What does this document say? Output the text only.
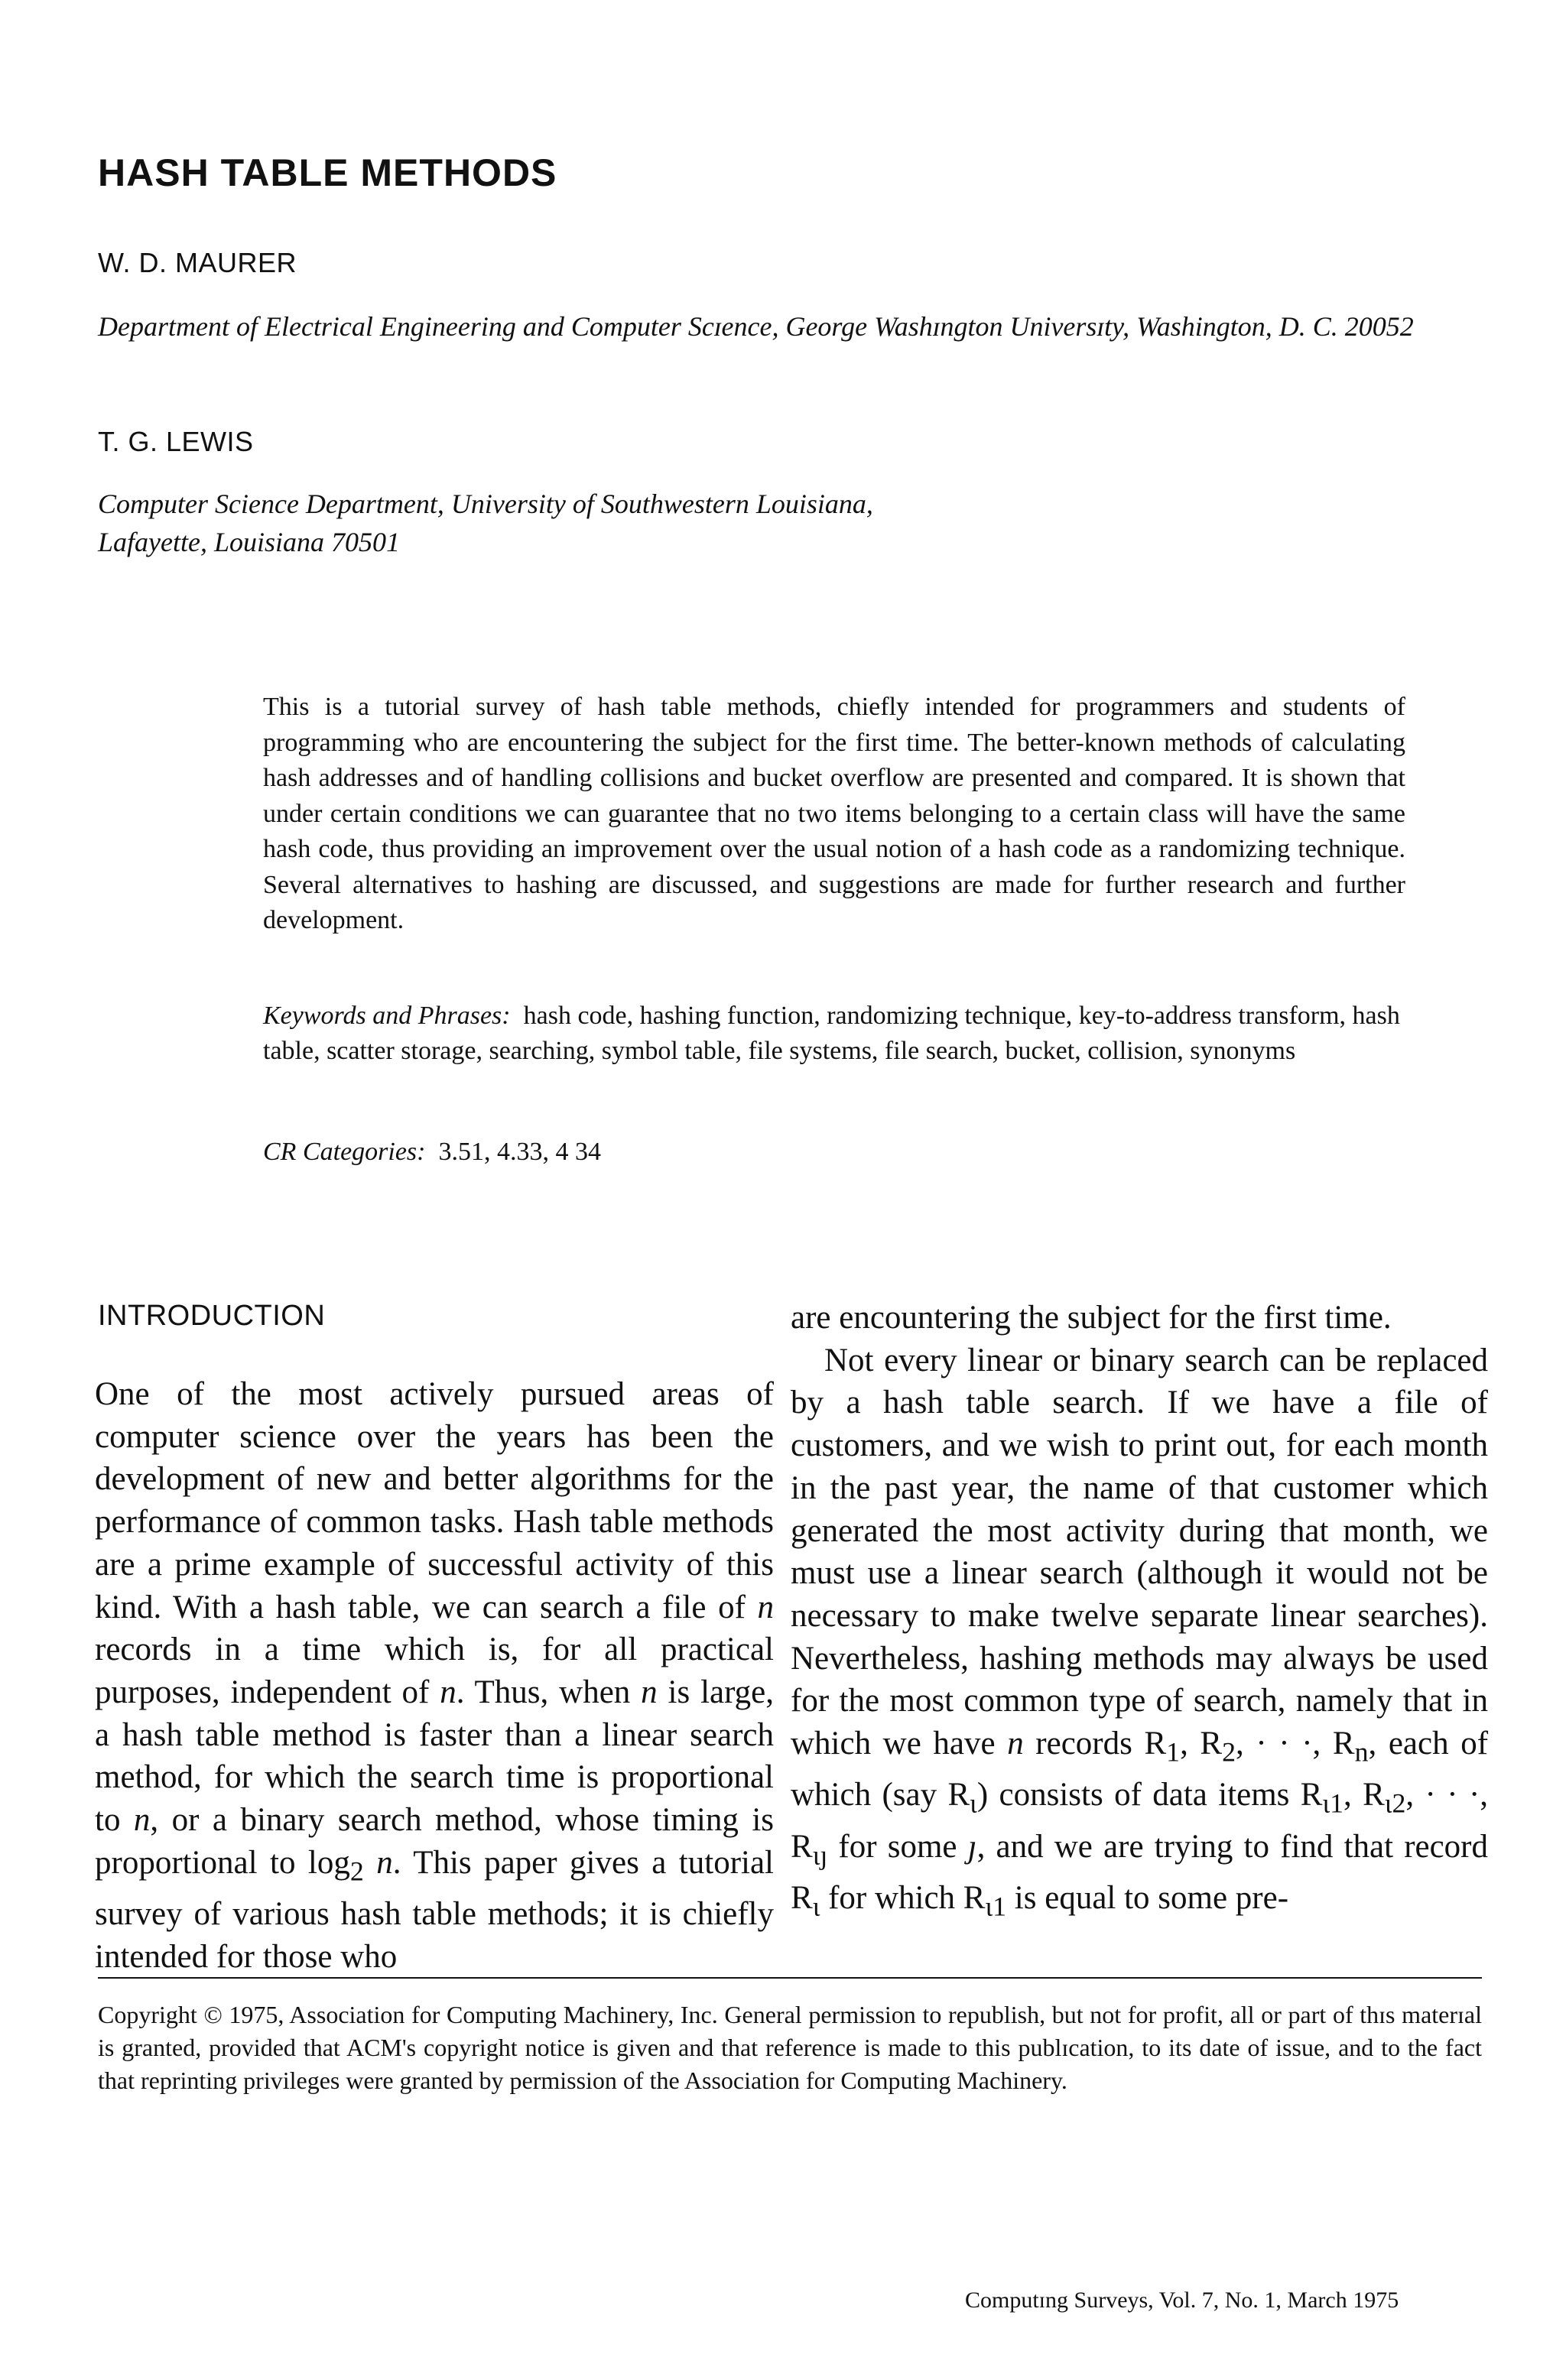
HASH TABLE METHODS
W. D. MAURER
Department of Electrical Engineering and Computer Scɪence, George Washɪngton Universɪty, Washington, D. C. 20052
T. G. LEWIS
Computer Science Department, University of Southwestern Louisiana,
Lafayette, Louisiana 70501

This is a tutorial survey of hash table methods, chiefly intended for programmers and students of programming who are encountering the subject for the first time. The better-known methods of calculating hash addresses and of handling collisions and bucket overflow are presented and compared. It is shown that under certain conditions we can guarantee that no two items belonging to a certain class will have the same hash code, thus providing an improvement over the usual notion of a hash code as a randomizing technique. Several alternatives to hashing are discussed, and suggestions are made for further research and further development.

Keywords and Phrases: hash code, hashing function, randomizing technique, key-to-address transform, hash table, scatter storage, searching, symbol table, file systems, file search, bucket, collision, synonyms

CR Categories: 3.51, 4.33, 4 34

INTRODUCTION

One of the most actively pursued areas of computer science over the years has been the development of new and better algorithms for the performance of common tasks. Hash table methods are a prime example of successful activity of this kind. With a hash table, we can search a file of n records in a time which is, for all practical purposes, independent of n. Thus, when n is large, a hash table method is faster than a linear search method, for which the search time is proportional to n, or a binary search method, whose timing is proportional to $\log_2 n$. This paper gives a tutorial survey of various hash table methods; it is chiefly intended for those who

are encountering the subject for the first time.

Not every linear or binary search can be replaced by a hash table search. If we have a file of customers, and we wish to print out, for each month in the past year, the name of that customer which generated the most activity during that month, we must use a linear search (although it would not be necessary to make twelve separate linear searches). Nevertheless, hashing methods may always be used for the most common type of search, namely that in which we have n records $R_1$, $R_2$, · · ·, $R_n$, each of which (say $R_\iota$) consists of data items $R_{\iota 1}$, $R_{\iota 2}$, · · ·, $R_{\iota ȷ}$ for some ȷ, and we are trying to find that record $R_\iota$ for which $R_{\iota 1}$ is equal to some pre-

Copyright © 1975, Association for Computing Machinery, Inc. General permission to republish, but not for profit, all or part of thɪs materɪal is granted, provided that ACM's copyright notice is given and that reference is made to this publɪcation, to its date of issue, and to the fact that reprinting privileges were granted by permission of the Association for Computing Machinery.

Computɪng Surveys, Vol. 7, No. 1, March 1975
